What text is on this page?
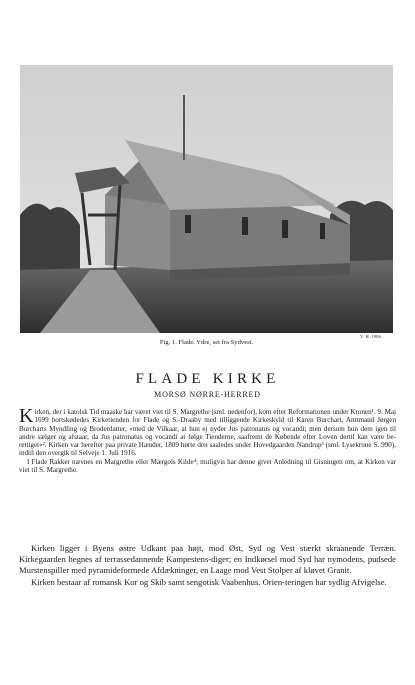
Fig. 1. Flade. Ydre, set fra Sydvest.
V. H. 1986
FLADE KIRKE
MORSØ NØRRE-HERRED

K irken, der i katolsk Tid maaske har været viet til S. Margrethe (sml. nedenfor), kom efter Reformationen under Kronen¹. 9. Maj 1699 bortskødedes Kirketienden for Flade og S.-Draaby med tilliggende Kirkeskyld til Karen Burchart, Amtmand Jørgen Burcharts Myndling og Broderdatter, »med de Vilkaar, at hun ej nyder Jus patronatus og vocandi; men dersom hun dem igen til andre sælger og afstaar, da Jus patronatus og vocandi at følge Tienderne, saafremt de Købende efter Loven dertil kan være be- rettiget«². Kirken var herefter paa private Hænder, 1809 hørte den saaledes under Hovedgaarden Nandrup³ (sml. Lysekrone S. 990), indtil den overgik til Selveje 1. Juli 1916.

I Flade Rakker nævnes en Margrethe eller Mærgols Kilde⁴; muligvis har denne givet Anledning til Gisningen om, at Kirken var viet til S. Margrethe.

Kirken ligger i Byens østre Udkant paa højt, mod Øst, Syd og Vest stærkt skraanende Terræn. Kirkegaarden hegnes af terrassedannende Kampestens-diger; en Indkørsel mod Syd har nymodens, pudsede Murstenspiller med pyramideformede Afdækninger, en Laage mod Vest Stolper af kløvet Granit.

Kirken bestaar af romansk Kor og Skib samt sengotisk Vaabenhus. Orien-teringen har sydlig Afvigelse.
